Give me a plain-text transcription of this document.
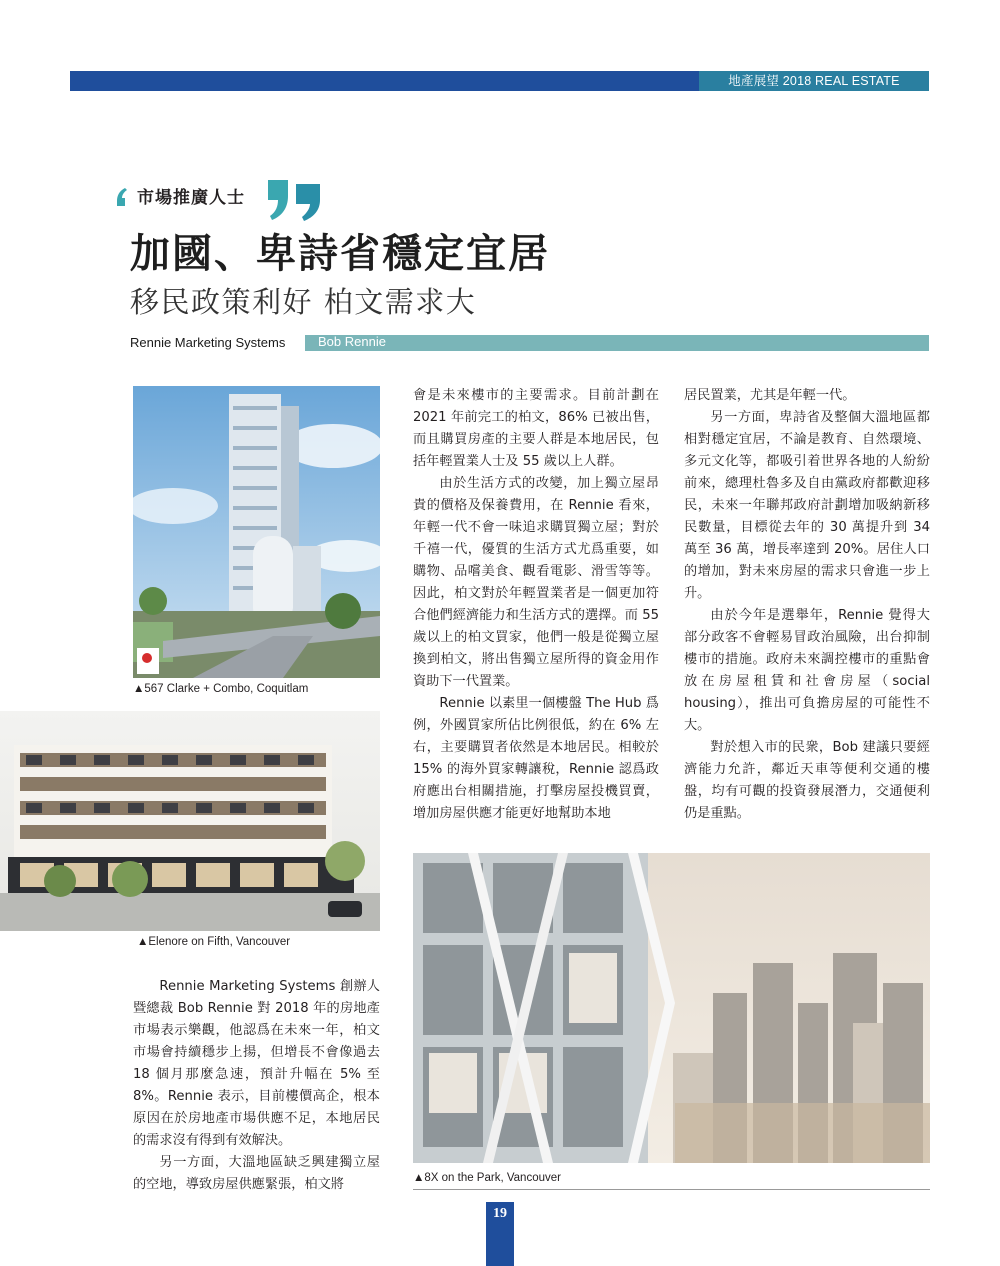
地產展望 2018 REAL ESTATE OUTLOOK
市場推廣人士
加國、卑詩省穩定宜居
移民政策利好 柏文需求大
Rennie Marketing Systems	Bob Rennie
▲567 Clarke + Combo, Coquitlam
▲Elenore on Fifth, Vancouver
▲8X on the Park, Vancouver

Rennie Marketing Systems 創辦人暨總裁 Bob Rennie 對 2018 年的房地產市場表示樂觀，他認爲在未來一年，柏文市場會持續穩步上揚，但增長不會像過去 18 個月那麼急速，預計升幅在 5% 至 8%。Rennie 表示，目前樓價高企，根本原因在於房地產市場供應不足，本地居民的需求沒有得到有效解決。

另一方面，大溫地區缺乏興建獨立屋的空地，導致房屋供應緊張，柏文將

會是未來樓市的主要需求。目前計劃在 2021 年前完工的柏文，86% 已被出售，而且購買房產的主要人群是本地居民，包括年輕置業人士及 55 歲以上人群。

由於生活方式的改變，加上獨立屋昂貴的價格及保養費用，在 Rennie 看來，年輕一代不會一味追求購買獨立屋；對於千禧一代，優質的生活方式尤爲重要，如購物、品嚐美食、觀看電影、滑雪等等。因此，柏文對於年輕置業者是一個更加符合他們經濟能力和生活方式的選擇。而 55 歲以上的柏文買家，他們一般是從獨立屋換到柏文，將出售獨立屋所得的資金用作資助下一代置業。

Rennie 以素里一個樓盤 The Hub 爲例，外國買家所佔比例很低，約在 6% 左右，主要購買者依然是本地居民。相較於 15% 的海外買家轉讓稅，Rennie 認爲政府應出台相關措施，打擊房屋投機買賣，增加房屋供應才能更好地幫助本地

居民置業，尤其是年輕一代。

另一方面，卑詩省及整個大溫地區都相對穩定宜居，不論是教育、自然環境、多元文化等，都吸引着世界各地的人紛紛前來，總理杜魯多及自由黨政府都歡迎移民，未來一年聯邦政府計劃增加吸納新移民數量，目標從去年的 30 萬提升到 34 萬至 36 萬，增長率達到 20%。居住人口的增加，對未來房屋的需求只會進一步上升。

由於今年是選舉年，Rennie 覺得大部分政客不會輕易冒政治風險，出台抑制樓市的措施。政府未來調控樓市的重點會放在房屋租賃和社會房屋（social housing），推出可負擔房屋的可能性不大。

對於想入市的民衆，Bob 建議只要經濟能力允許，鄰近天車等便利交通的樓盤，均有可觀的投資發展潛力，交通便利仍是重點。

19
